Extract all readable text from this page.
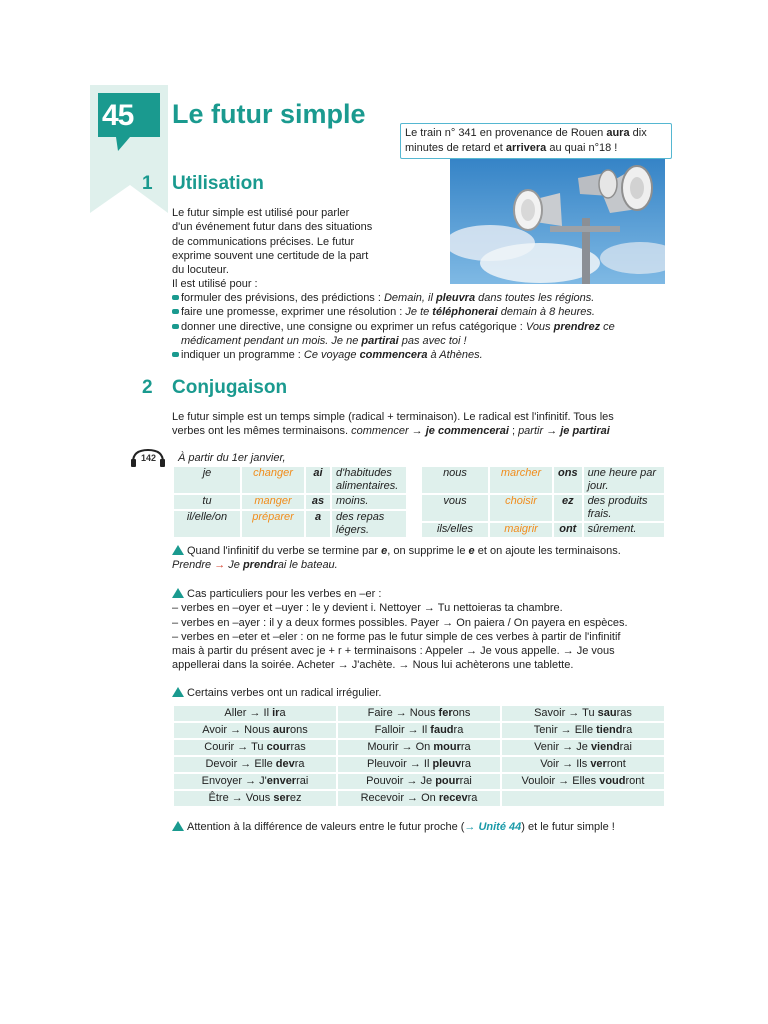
45 Le futur simple
Le train n° 341 en provenance de Rouen aura dix minutes de retard et arrivera au quai n°18 !
1 Utilisation
Le futur simple est utilisé pour parler
d'un événement futur dans des situations
de communications précises. Le futur
exprime souvent une certitude de la part
du locuteur.
Il est utilisé pour :
formuler des prévisions, des prédictions : Demain, il pleuvra dans toutes les régions.
faire une promesse, exprimer une résolution : Je te téléphonerai demain à 8 heures.
donner une directive, une consigne ou exprimer un refus catégorique : Vous prendrez ce médicament pendant un mois. Je ne partirai pas avec toi !
indiquer un programme : Ce voyage commencera à Athènes.
2 Conjugaison
Le futur simple est un temps simple (radical + terminaison). Le radical est l'infinitif. Tous les
verbes ont les mêmes terminaisons. commencer → je commencerai ; partir → je partirai
142 À partir du 1er janvier,
je	changer	ai	d'habitudes alimentaires.
tu	manger	as	moins.
il/elle/on	préparer	a	des repas légers.
nous	marcher	ons	une heure par jour.
vous	choisir	ez	des produits frais.
ils/elles	maigrir	ont	sûrement.
Quand l'infinitif du verbe se termine par e, on supprime le e et on ajoute les terminaisons.
Prendre → Je prendrai le bateau.
Cas particuliers pour les verbes en –er :
– verbes en –oyer et –uyer : le y devient i. Nettoyer → Tu nettoieras ta chambre.
– verbes en –ayer : il y a deux formes possibles. Payer → On paiera / On payera en espèces.
– verbes en –eter et –eler : on ne forme pas le futur simple de ces verbes à partir de l'infinitif
mais à partir du présent avec je + r + terminaisons : Appeler → Je vous appelle. → Je vous
appellerai dans la soirée. Acheter → J'achète. → Nous lui achèterons une tablette.
Certains verbes ont un radical irrégulier.
Aller → Il ira	Faire → Nous ferons	Savoir → Tu sauras
Avoir → Nous aurons	Falloir → Il faudra	Tenir → Elle tiendra
Courir → Tu courras	Mourir → On mourra	Venir → Je viendrai
Devoir → Elle devra	Pleuvoir → Il pleuvra	Voir → Ils verront
Envoyer → J'enverrai	Pouvoir → Je pourrai	Vouloir → Elles voudront
Être → Vous serez	Recevoir → On recevra	
Attention à la différence de valeurs entre le futur proche (→ Unité 44) et le futur simple !
